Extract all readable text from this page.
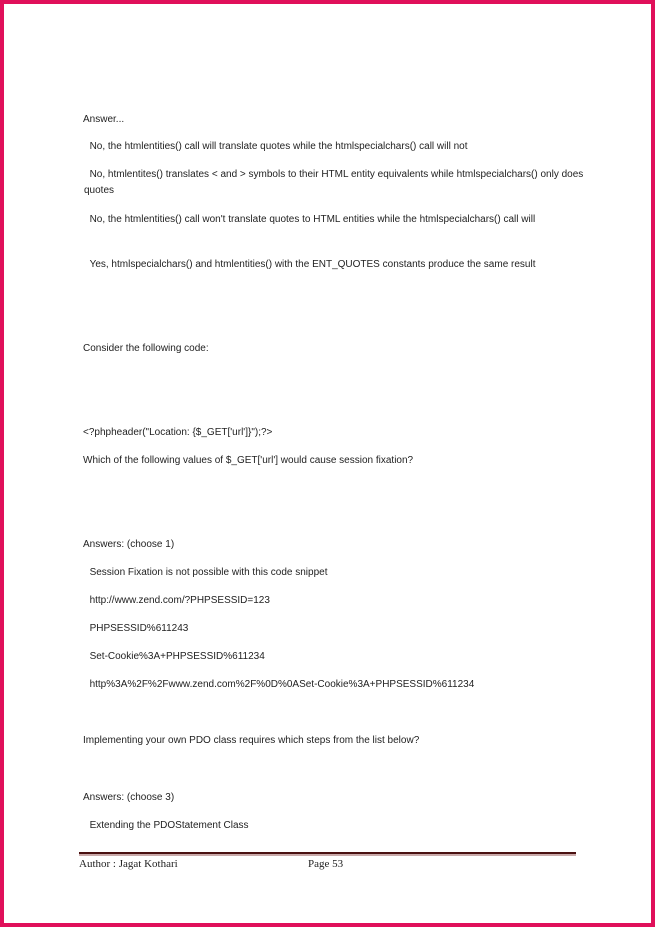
Answer...
No, the htmlentities() call will translate quotes while the htmlspecialchars() call will not
No, htmlentites() translates < and > symbols to their HTML entity equivalents while htmlspecialchars() only does quotes
No, the htmlentities() call won't translate quotes to HTML entities while the htmlspecialchars() call will
Yes, htmlspecialchars() and htmlentities() with the ENT_QUOTES constants produce the same result
Consider the following code:
<?phpheader("Location: {$_GET['url']}");?>
Which of the following values of $_GET['url'] would cause session fixation?
Answers: (choose 1)
Session Fixation is not possible with this code snippet
http://www.zend.com/?PHPSESSID=123
PHPSESSID%611243
Set-Cookie%3A+PHPSESSID%611234
http%3A%2F%2Fwww.zend.com%2F%0D%0ASet-Cookie%3A+PHPSESSID%611234
Implementing your own PDO class requires which steps from the list below?
Answers: (choose 3)
Extending the PDOStatement Class
Author : Jagat Kothari	Page 53
